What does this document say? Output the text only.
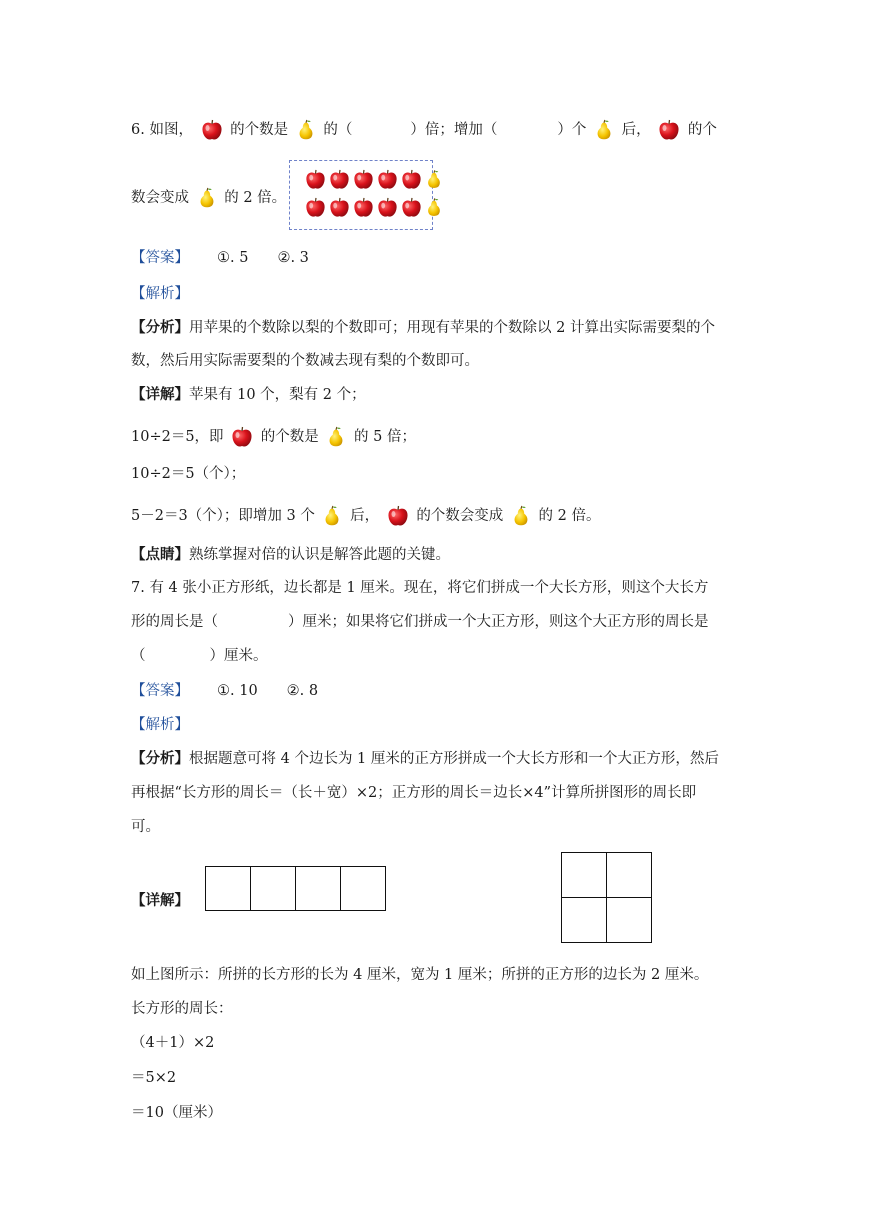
6. 如图，	的个数是 的（	）倍；增加（	）个 后，	的个
数会变成 的 2 倍。
【答案】 ①. 5　　②. 3
【解析】
【分析】用苹果的个数除以梨的个数即可；用现有苹果的个数除以 2 计算出实际需要梨的个
数，然后用实际需要梨的个数减去现有梨的个数即可。
【详解】苹果有 10 个，梨有 2 个；
10÷2＝5，即	的个数是 的 5 倍；
10÷2＝5（个）；
5－2＝3（个）；即增加 3 个 后，	的个数会变成 的 2 倍。
【点睛】熟练掌握对倍的认识是解答此题的关键。
7. 有 4 张小正方形纸，边长都是 1 厘米。现在，将它们拼成一个大长方形，则这个大长方
形的周长是（	）厘米；如果将它们拼成一个大正方形，则这个大正方形的周长是
（	）厘米。
【答案】 ①. 10　　②. 8
【解析】
【分析】根据题意可将 4 个边长为 1 厘米的正方形拼成一个大长方形和一个大正方形，然后
再根据“长方形的周长＝（长＋宽）×2；正方形的周长＝边长×4”计算所拼图形的周长即
可。
【详解】

如上图所示：所拼的长方形的长为 4 厘米，宽为 1 厘米；所拼的正方形的边长为 2 厘米。
长方形的周长：
（4＋1）×2
＝5×2
＝10（厘米）
